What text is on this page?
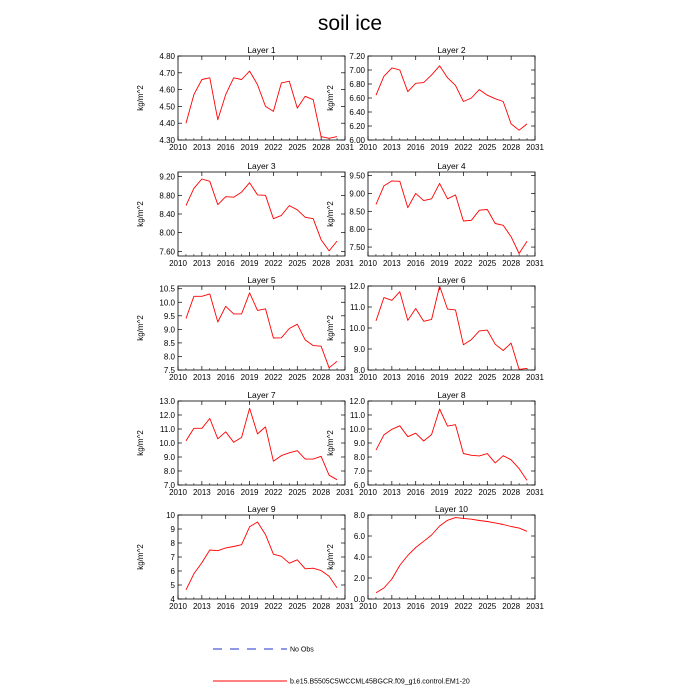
soil ice
Layer 1
kg/m^2
2010 2013 2016 2019 2022 2025 2028 2031
4.30
4.40
4.50
4.60
4.70
4.80
Layer 2
kg/m^2
2010 2013 2016 2019 2022 2025 2028 2031
6.00
6.20
6.40
6.60
6.80
7.00
7.20
Layer 3
kg/m^2
2010 2013 2016 2019 2022 2025 2028 2031
7.60
8.00
8.40
8.80
9.20
Layer 4
kg/m^2
2010 2013 2016 2019 2022 2025 2028 2031
7.50
8.00
8.50
9.00
9.50
Layer 5
kg/m^2
2010 2013 2016 2019 2022 2025 2028 2031
7.5
8.0
8.5
9.0
9.5
10.0
10.5
Layer 6
kg/m^2
2010 2013 2016 2019 2022 2025 2028 2031
8.0
9.0
10.0
11.0
12.0
Layer 7
kg/m^2
2010 2013 2016 2019 2022 2025 2028 2031
7.0
8.0
9.0
10.0
11.0
12.0
13.0
Layer 8
kg/m^2
2010 2013 2016 2019 2022 2025 2028 2031
6.0
7.0
8.0
9.0
10.0
11.0
12.0
Layer 9
kg/m^2
2010 2013 2016 2019 2022 2025 2028 2031
4
5
6
7
8
9
10
Layer 10
kg/m^2
2010 2013 2016 2019 2022 2025 2028 2031
0.0
2.0
4.0
6.0
8.0
No Obs
b.e15.B5505C5WCCML45BGCR.f09_g16.control.EM1-20
